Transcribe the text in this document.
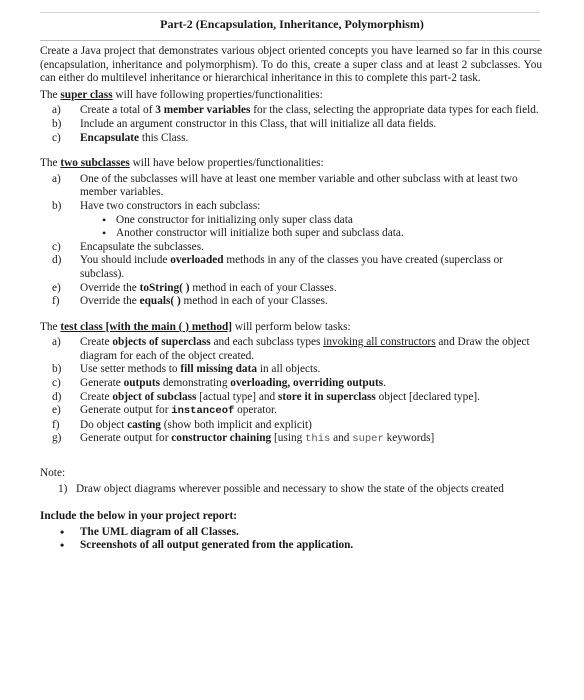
Part-2 (Encapsulation, Inheritance, Polymorphism)

Create a Java project that demonstrates various object oriented concepts you have learned so far in this course (encapsulation, inheritance and polymorphism). To do this, create a super class and at least 2 subclasses. You can either do multilevel inheritance or hierarchical inheritance in this to complete this part-2 task.

The super class will have following properties/functionalities:

a) Create a total of 3 member variables for the class, selecting the appropriate data types for each field.
b) Include an argument constructor in this Class, that will initialize all data fields.
c) Encapsulate this Class.

The two subclasses will have below properties/functionalities:

a) One of the subclasses will have at least one member variable and other subclass with at least two member variables.
b) Have two constructors in each subclass:
• One constructor for initializing only super class data
• Another constructor will initialize both super and subclass data.
c) Encapsulate the subclasses.
d) You should include overloaded methods in any of the classes you have created (superclass or subclass).
e) Override the toString( ) method in each of your Classes.
f) Override the equals( ) method in each of your Classes.

The test class [with the main ( ) method] will perform below tasks:

a) Create objects of superclass and each subclass types invoking all constructors and Draw the object diagram for each of the object created.
b) Use setter methods to fill missing data in all objects.
c) Generate outputs demonstrating overloading, overriding outputs.
d) Create object of subclass [actual type] and store it in superclass object [declared type].
e) Generate output for instanceof operator.
f) Do object casting (show both implicit and explicit)
g) Generate output for constructor chaining [using this and super keywords]

Note:

1) Draw object diagrams wherever possible and necessary to show the state of the objects created

Include the below in your project report:

• The UML diagram of all Classes.
• Screenshots of all output generated from the application.
